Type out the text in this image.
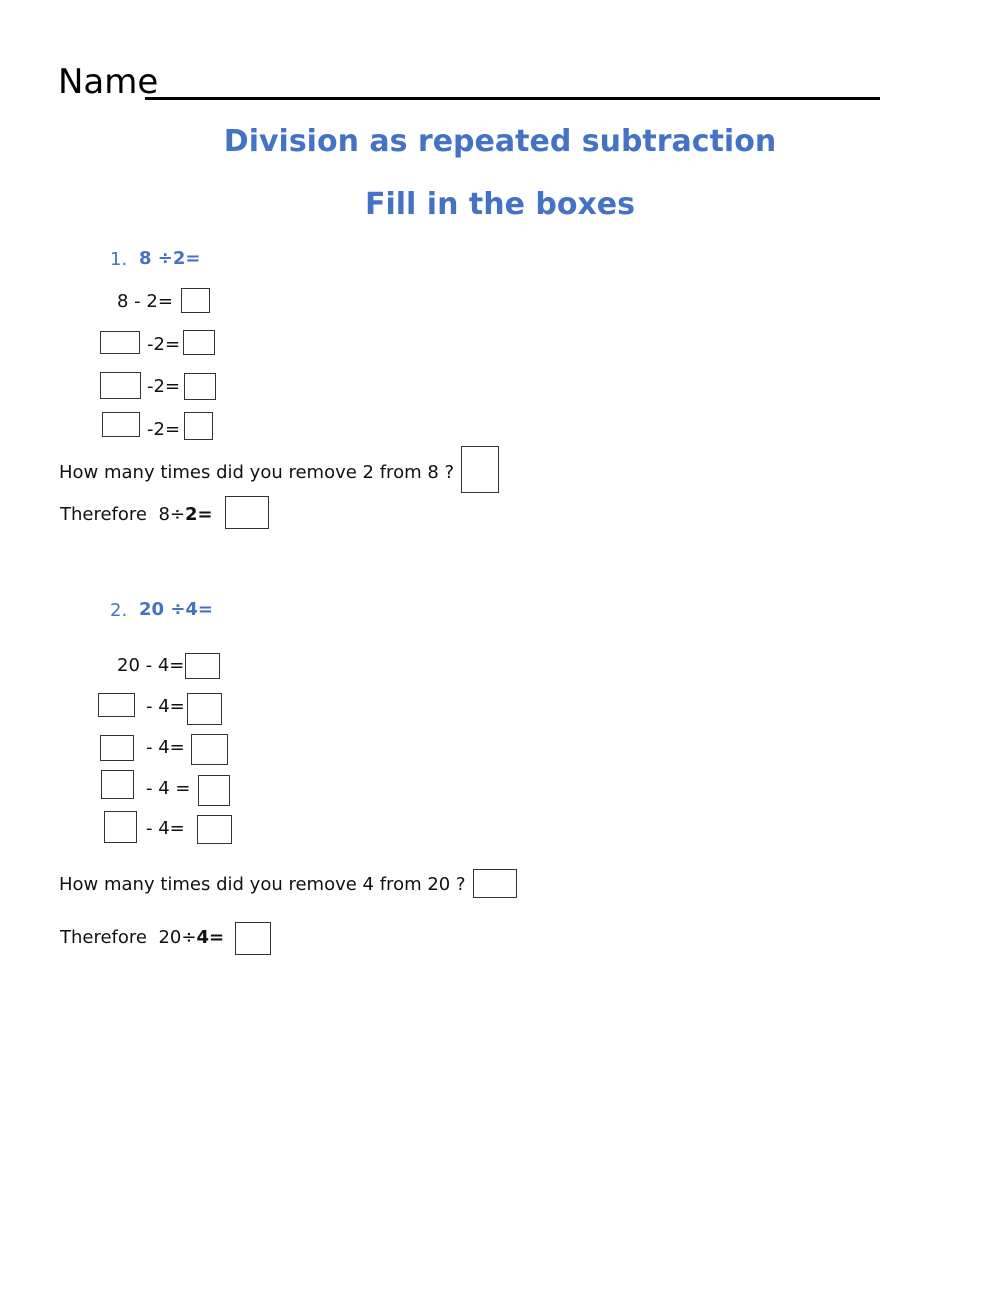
Name
Division as repeated subtraction
Fill in the boxes
1. 8 ÷2=
8 - 2=
-2=
-2=
-2=
How many times did you remove 2 from 8 ?
Therefore 8÷2=
2. 20 ÷4=
20 - 4=
- 4=
- 4=
- 4 =
- 4=
How many times did you remove 4 from 20 ?
Therefore 20÷4=
